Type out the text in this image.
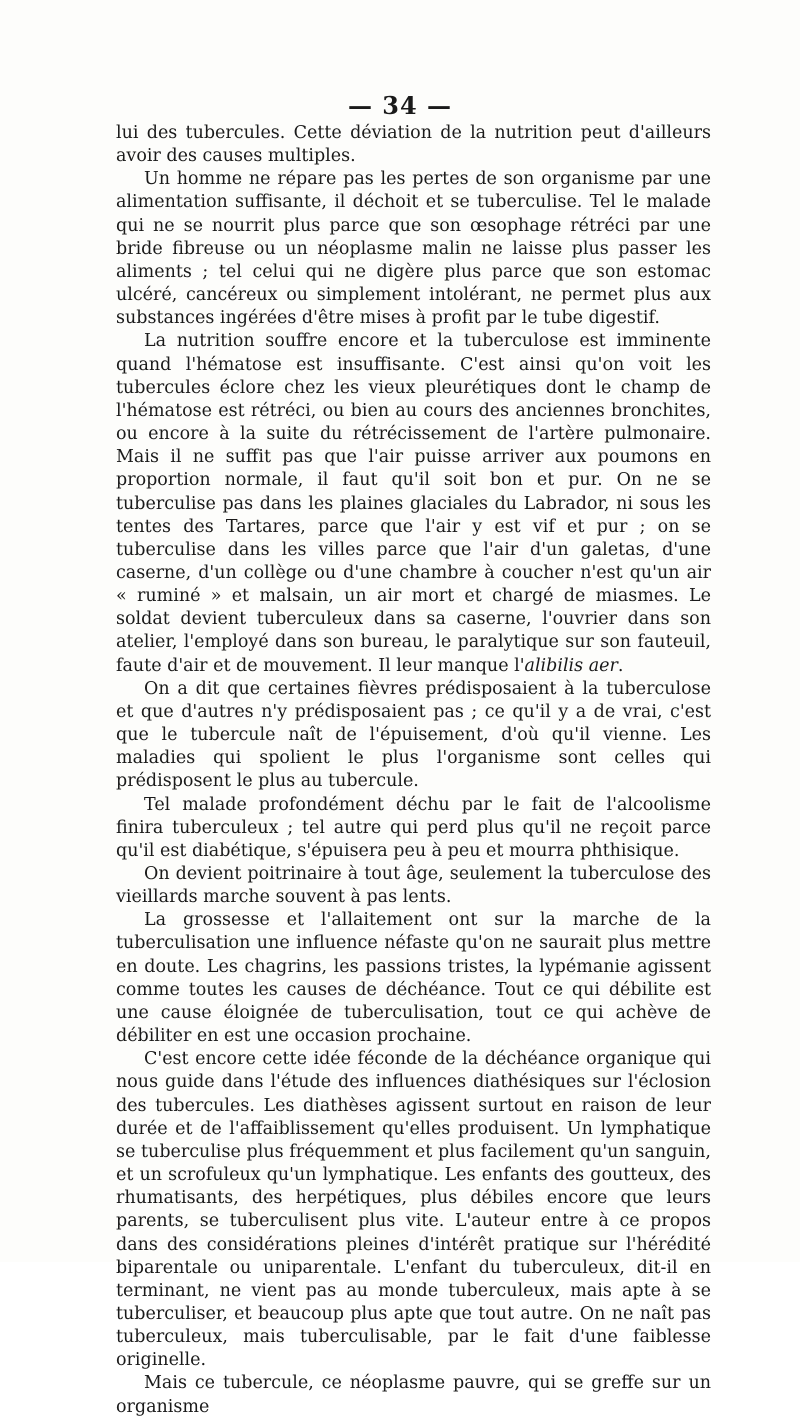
— 34 —

lui des tubercules. Cette déviation de la nutrition peut d'ailleurs avoir des causes multiples.

Un homme ne répare pas les pertes de son organisme par une alimentation suffisante, il déchoit et se tuberculise. Tel le malade qui ne se nourrit plus parce que son œsophage rétréci par une bride fibreuse ou un néoplasme malin ne laisse plus passer les aliments ; tel celui qui ne digère plus parce que son estomac ulcéré, cancéreux ou simplement intolérant, ne permet plus aux substances ingérées d'être mises à profit par le tube digestif.

La nutrition souffre encore et la tuberculose est imminente quand l'hématose est insuffisante. C'est ainsi qu'on voit les tubercules éclore chez les vieux pleurétiques dont le champ de l'hématose est rétréci, ou bien au cours des anciennes bronchites, ou encore à la suite du rétrécissement de l'artère pulmonaire. Mais il ne suffit pas que l'air puisse arriver aux poumons en proportion normale, il faut qu'il soit bon et pur. On ne se tuberculise pas dans les plaines glaciales du Labrador, ni sous les tentes des Tartares, parce que l'air y est vif et pur ; on se tuberculise dans les villes parce que l'air d'un galetas, d'une caserne, d'un collège ou d'une chambre à coucher n'est qu'un air « ruminé » et malsain, un air mort et chargé de miasmes. Le soldat devient tuberculeux dans sa caserne, l'ouvrier dans son atelier, l'employé dans son bureau, le paralytique sur son fauteuil, faute d'air et de mouvement. Il leur manque l'alibilis aer.

On a dit que certaines fièvres prédisposaient à la tuberculose et que d'autres n'y prédisposaient pas ; ce qu'il y a de vrai, c'est que le tubercule naît de l'épuisement, d'où qu'il vienne. Les maladies qui spolient le plus l'organisme sont celles qui prédisposent le plus au tubercule.

Tel malade profondément déchu par le fait de l'alcoolisme finira tuberculeux ; tel autre qui perd plus qu'il ne reçoit parce qu'il est diabétique, s'épuisera peu à peu et mourra phthisique.

On devient poitrinaire à tout âge, seulement la tuberculose des vieillards marche souvent à pas lents.

La grossesse et l'allaitement ont sur la marche de la tuberculisation une influence néfaste qu'on ne saurait plus mettre en doute. Les chagrins, les passions tristes, la lypémanie agissent comme toutes les causes de déchéance. Tout ce qui débilite est une cause éloignée de tuberculisation, tout ce qui achève de débiliter en est une occasion prochaine.

C'est encore cette idée féconde de la déchéance organique qui nous guide dans l'étude des influences diathésiques sur l'éclosion des tubercules. Les diathèses agissent surtout en raison de leur durée et de l'affaiblissement qu'elles produisent. Un lymphatique se tuberculise plus fréquemment et plus facilement qu'un sanguin, et un scrofuleux qu'un lymphatique. Les enfants des goutteux, des rhumatisants, des herpétiques, plus débiles encore que leurs parents, se tuberculisent plus vite. L'auteur entre à ce propos dans des considérations pleines d'intérêt pratique sur l'hérédité biparentale ou uniparentale. L'enfant du tuberculeux, dit-il en terminant, ne vient pas au monde tuberculeux, mais apte à se tuberculiser, et beaucoup plus apte que tout autre. On ne naît pas tuberculeux, mais tuberculisable, par le fait d'une faiblesse originelle.

Mais ce tubercule, ce néoplasme pauvre, qui se greffe sur un organisme
